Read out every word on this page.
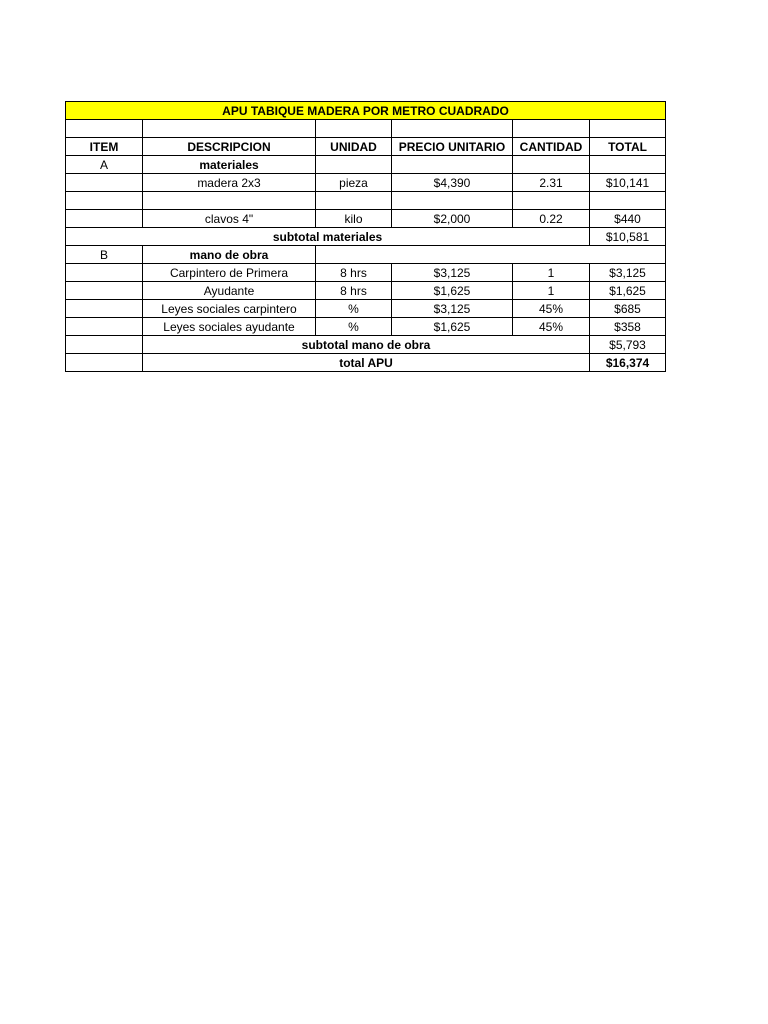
APU TABIQUE MADERA POR METRO CUADRADO					

ITEM	DESCRIPCION	UNIDAD	PRECIO UNITARIO	CANTIDAD	TOTAL
A	materiales				
	madera 2x3	pieza	$4,390	2.31	$10,141

	clavos 4"	kilo	$2,000	0.22	$440
subtotal materiales					$10,581
B	mano de obra				
	Carpintero de Primera	8 hrs	$3,125	1	$3,125
	Ayudante	8 hrs	$1,625	1	$1,625
	Leyes sociales carpintero	%	$3,125	45%	$685
	Leyes sociales ayudante	%	$1,625	45%	$358
	subtotal mano de obra				$5,793
	total APU				$16,374
